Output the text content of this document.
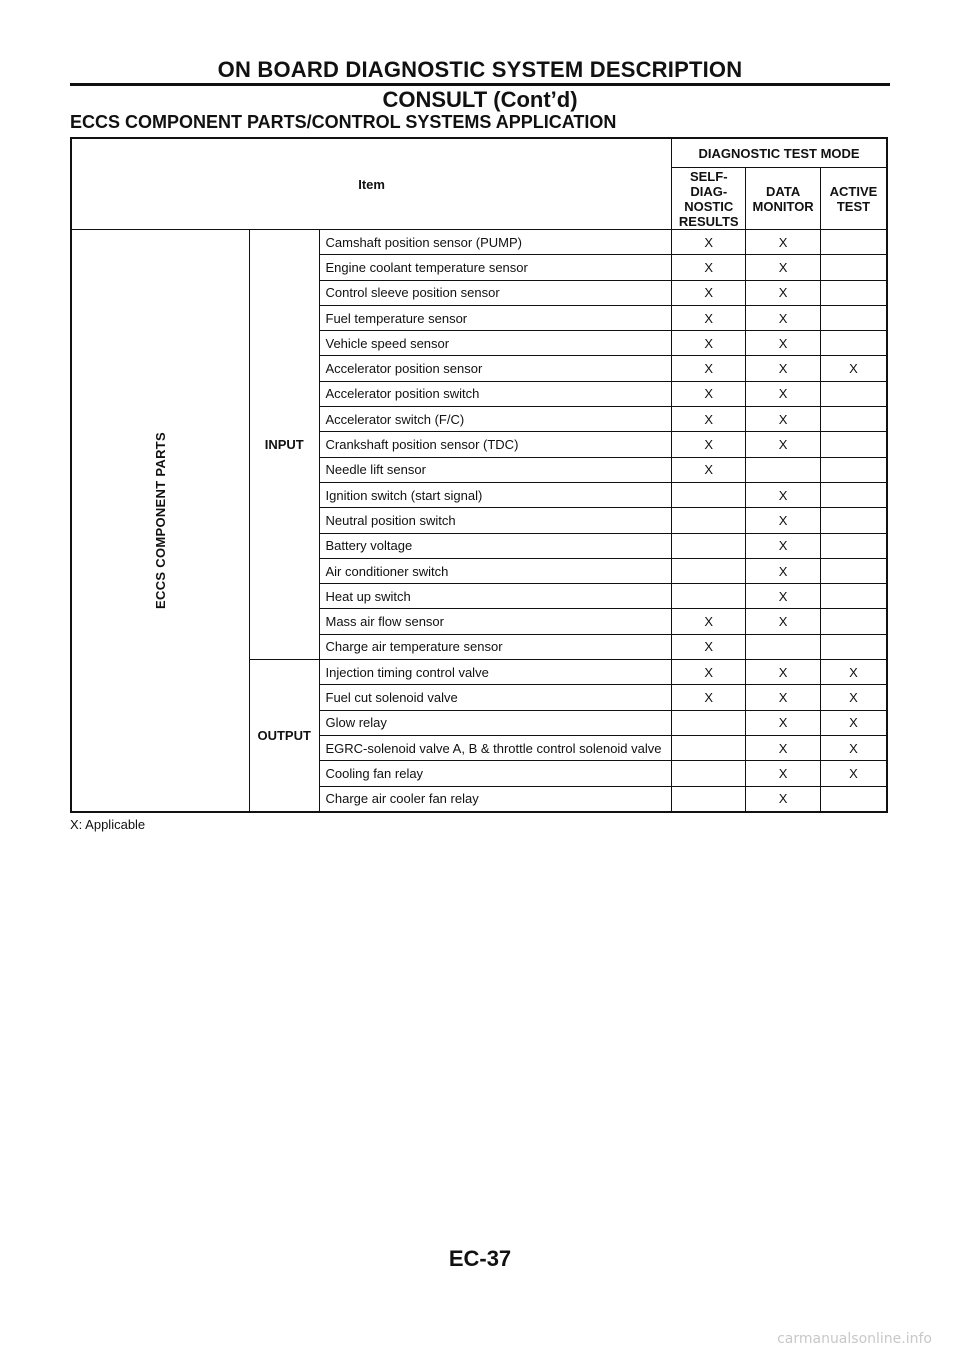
ON BOARD DIAGNOSTIC SYSTEM DESCRIPTION
CONSULT (Cont’d)
ECCS COMPONENT PARTS/CONTROL SYSTEMS APPLICATION
Item			DIAGNOSTIC TEST MODE		
			SELF-DIAG-
NOSTIC
RESULTS	DATA
MONITOR	ACTIVE
TEST
ECCS COMPONENT PARTS	INPUT	Camshaft position sensor (PUMP)	X	X	
		Engine coolant temperature sensor	X	X	
		Control sleeve position sensor	X	X	
		Fuel temperature sensor	X	X	
		Vehicle speed sensor	X	X	
		Accelerator position sensor	X	X	X
		Accelerator position switch	X	X	
		Accelerator switch (F/C)	X	X	
		Crankshaft position sensor (TDC)	X	X	
		Needle lift sensor	X		
		Ignition switch (start signal)		X	
		Neutral position switch		X	
		Battery voltage		X	
		Air conditioner switch		X	
		Heat up switch		X	
		Mass air flow sensor	X	X	
		Charge air temperature sensor	X		
	OUTPUT	Injection timing control valve	X	X	X
		Fuel cut solenoid valve	X	X	X
		Glow relay		X	X
		EGRC-solenoid valve A, B & throttle control solenoid valve		X	X
		Cooling fan relay		X	X
		Charge air cooler fan relay		X	
X: Applicable
EC-37
carmanualsonline.info
